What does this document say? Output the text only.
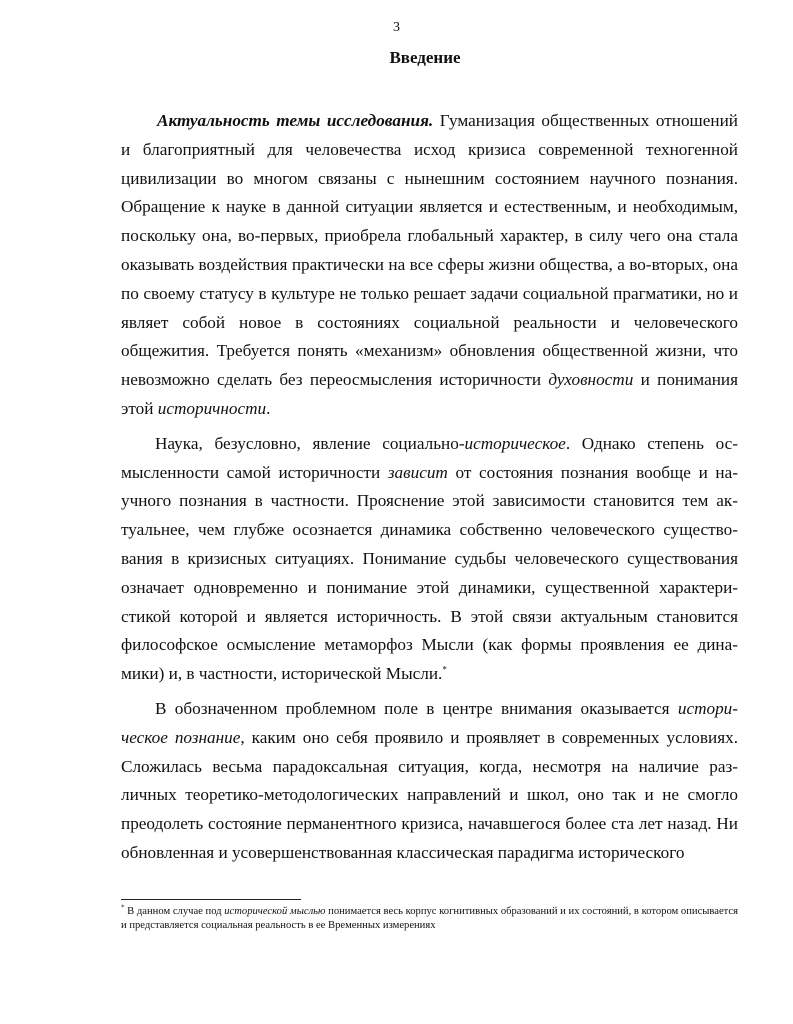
3
Введение

Актуальность темы исследования. Гуманизация общественных отношений и благоприятный для человечества исход кризиса современной техногенной цивилизации во многом связаны с нынешним состоянием научного познания. Обращение к науке в данной ситуации является и естественным, и необходимым, поскольку она, во-первых, приобрела глобальный характер, в силу чего она стала оказывать воздействия практически на все сферы жизни общества, а во-вторых, она по своему статусу в культуре не только решает задачи социальной прагматики, но и являет собой новое в состояниях социальной реальности и человеческого общежития. Требуется понять «механизм» обновления общественной жизни, что невозможно сделать без переосмысления историчности духовности и понимания этой историчности.

Наука, безусловно, явление социально-историческое. Однако степень осмысленности самой историчности зависит от состояния познания вообще и научного познания в частности. Прояснение этой зависимости становится тем актуальнее, чем глубже осознается динамика собственно человеческого существования в кризисных ситуациях. Понимание судьбы человеческого существования означает одновременно и понимание этой динамики, существенной характеристикой которой и является историчность. В этой связи актуальным становится философское осмысление метаморфоз Мысли (как формы проявления ее динамики) и, в частности, исторической Мысли.*

В обозначенном проблемном поле в центре внимания оказывается историческое познание, каким оно себя проявило и проявляет в современных условиях. Сложилась весьма парадоксальная ситуация, когда, несмотря на наличие различных теоретико-методологических направлений и школ, оно так и не смогло преодолеть состояние перманентного кризиса, начавшегося более ста лет назад. Ни обновленная и усовершенствованная классическая парадигма исторического

* В данном случае под исторической мыслью понимается весь корпус когнитивных образований и их состояний, в котором описывается и представляется социальная реальность в ее Временных измерениях
